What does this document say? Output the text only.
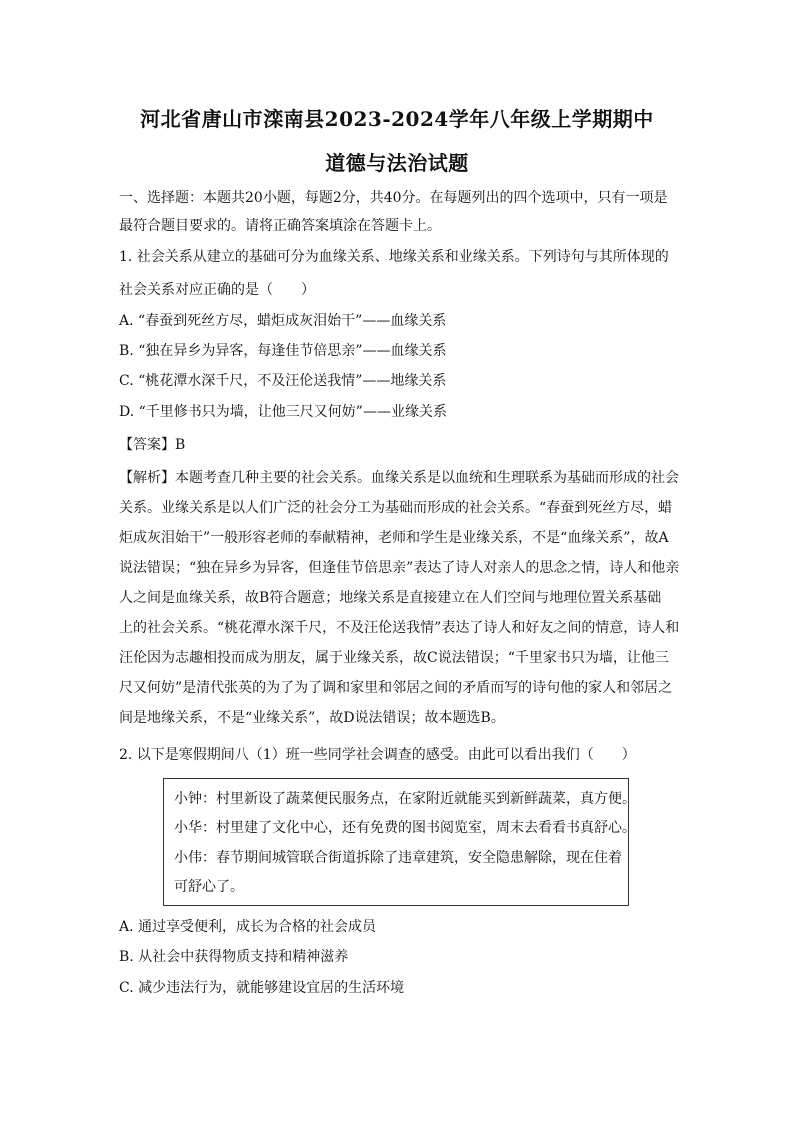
河北省唐山市滦南县2023-2024学年八年级上学期期中
道德与法治试题
一、选择题：本题共20小题，每题2分，共40分。在每题列出的四个选项中，只有一项是
最符合题目要求的。请将正确答案填涂在答题卡上。
1. 社会关系从建立的基础可分为血缘关系、地缘关系和业缘关系。下列诗句与其所体现的
社会关系对应正确的是（　　）
A. “春蚕到死丝方尽，蜡炬成灰泪始干”——血缘关系
B. “独在异乡为异客，每逢佳节倍思亲”——血缘关系
C. “桃花潭水深千尺，不及汪伦送我情”——地缘关系
D. “千里修书只为墙，让他三尺又何妨”——业缘关系
【答案】B
【解析】本题考查几种主要的社会关系。血缘关系是以血统和生理联系为基础而形成的社会
关系。业缘关系是以人们广泛的社会分工为基础而形成的社会关系。“春蚕到死丝方尽，蜡
炬成灰泪始干”一般形容老师的奉献精神，老师和学生是业缘关系，不是“血缘关系”，故A
说法错误；“独在异乡为异客，但逢佳节倍思亲”表达了诗人对亲人的思念之情，诗人和他亲
人之间是血缘关系，故B符合题意；地缘关系是直接建立在人们空间与地理位置关系基础
上的社会关系。“桃花潭水深千尺，不及汪伦送我情”表达了诗人和好友之间的情意，诗人和
汪伦因为志趣相投而成为朋友，属于业缘关系，故C说法错误；“千里家书只为墙，让他三
尺又何妨”是清代张英的为了为了调和家里和邻居之间的矛盾而写的诗句他的家人和邻居之
间是地缘关系，不是“业缘关系”，故D说法错误；故本题选B。
2. 以下是寒假期间八（1）班一些同学社会调查的感受。由此可以看出我们（　　）
小钟：村里新设了蔬菜便民服务点，在家附近就能买到新鲜蔬菜，真方便。
小华：村里建了文化中心，还有免费的图书阅览室，周末去看看书真舒心。
小伟：春节期间城管联合街道拆除了违章建筑，安全隐患解除，现在住着
可舒心了。
A. 通过享受便利，成长为合格的社会成员
B. 从社会中获得物质支持和精神滋养
C. 减少违法行为，就能够建设宜居的生活环境
